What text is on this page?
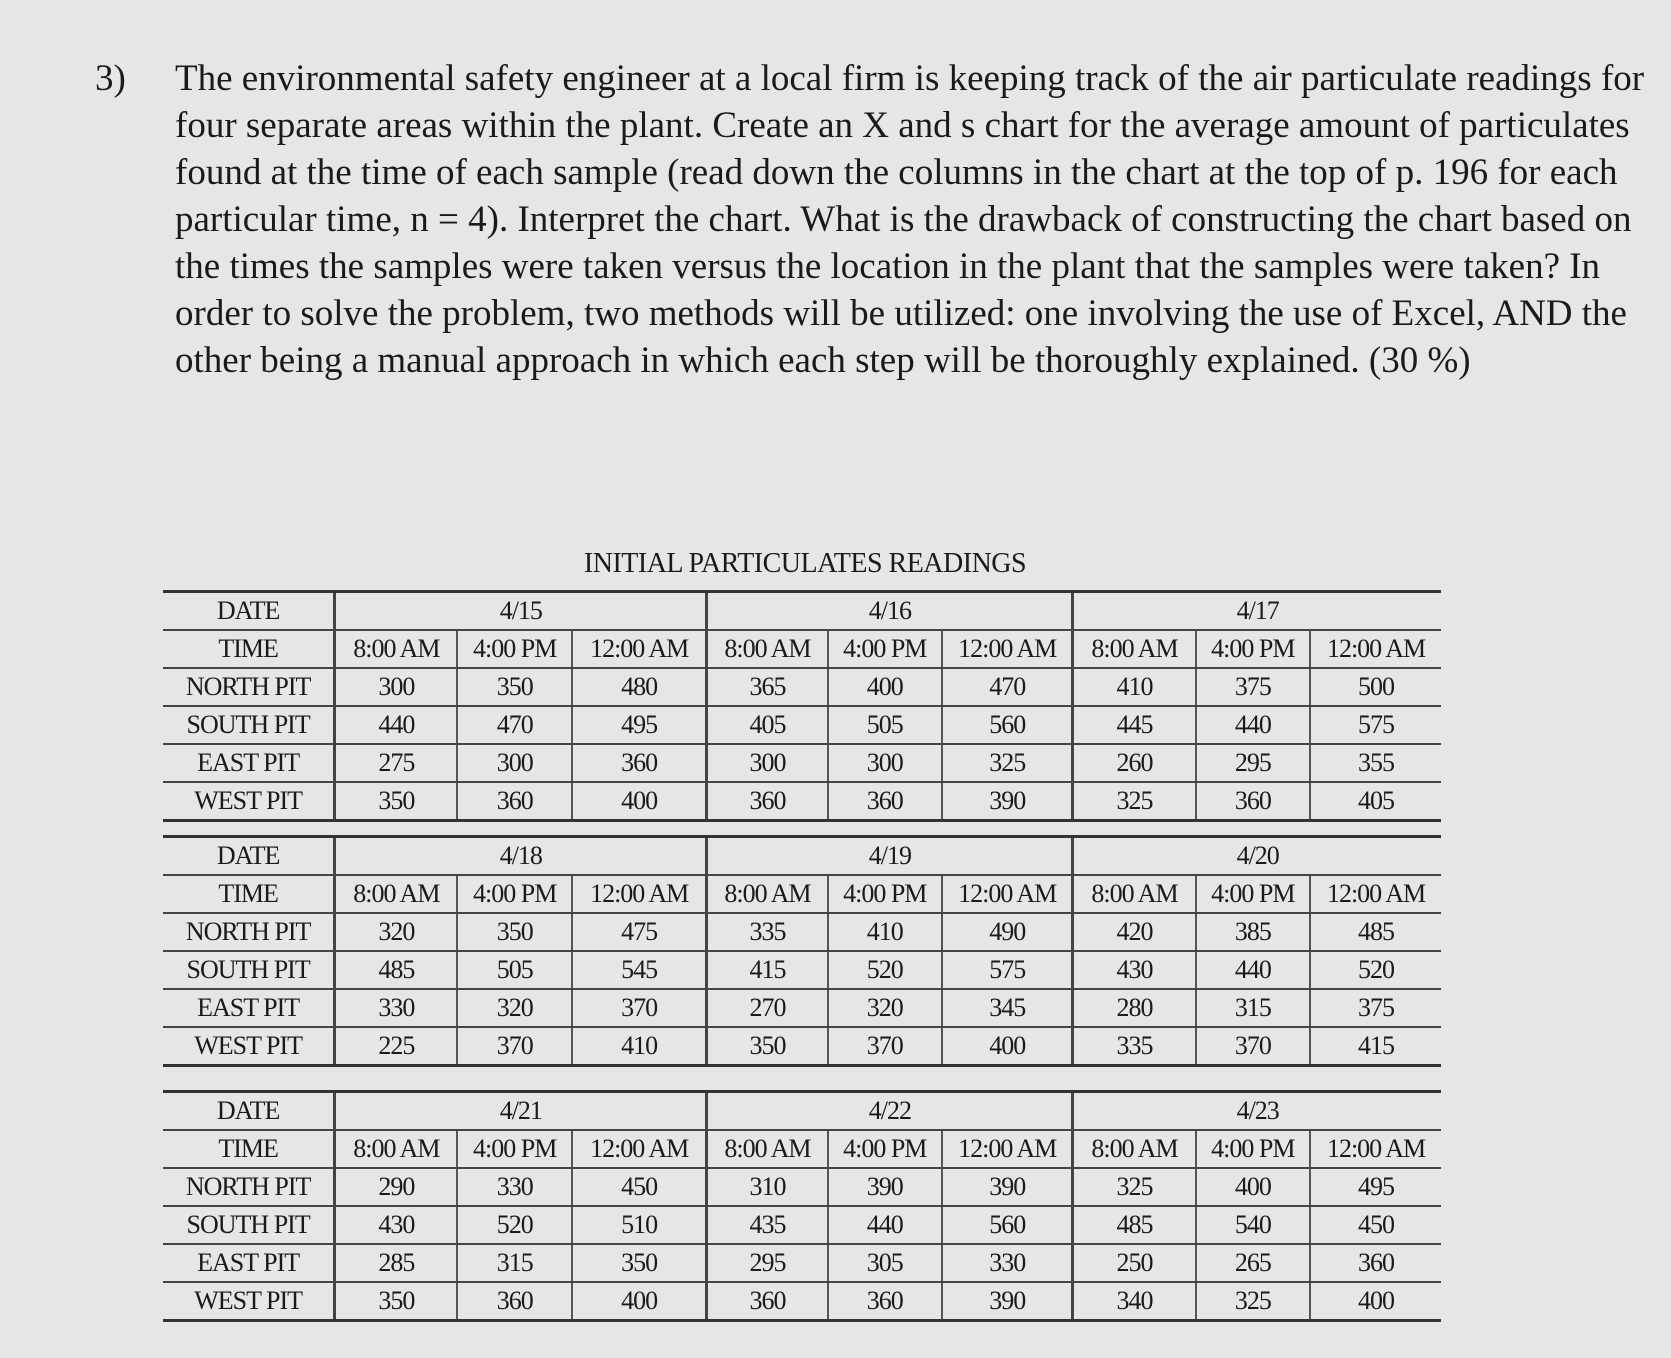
3)	The environmental safety engineer at a local firm is keeping track of the air particulate readings for four separate areas within the plant. Create an X and s chart for the average amount of particulates found at the time of each sample (read down the columns in the chart at the top of p. 196 for each particular time, n = 4). Interpret the chart. What is the drawback of constructing the chart based on the times the samples were taken versus the location in the plant that the samples were taken? In order to solve the problem, two methods will be utilized: one involving the use of Excel, AND the other being a manual approach in which each step will be thoroughly explained. (30 %)
INITIAL PARTICULATES READINGS
DATE	4/15			4/16			4/17		
TIME	8:00 AM	4:00 PM	12:00 AM	8:00 AM	4:00 PM	12:00 AM	8:00 AM	4:00 PM	12:00 AM
NORTH PIT	300	350	480	365	400	470	410	375	500
SOUTH PIT	440	470	495	405	505	560	445	440	575
EAST PIT	275	300	360	300	300	325	260	295	355
WEST PIT	350	360	400	360	360	390	325	360	405
DATE	4/18			4/19			4/20		
TIME	8:00 AM	4:00 PM	12:00 AM	8:00 AM	4:00 PM	12:00 AM	8:00 AM	4:00 PM	12:00 AM
NORTH PIT	320	350	475	335	410	490	420	385	485
SOUTH PIT	485	505	545	415	520	575	430	440	520
EAST PIT	330	320	370	270	320	345	280	315	375
WEST PIT	225	370	410	350	370	400	335	370	415
DATE	4/21			4/22			4/23		
TIME	8:00 AM	4:00 PM	12:00 AM	8:00 AM	4:00 PM	12:00 AM	8:00 AM	4:00 PM	12:00 AM
NORTH PIT	290	330	450	310	390	390	325	400	495
SOUTH PIT	430	520	510	435	440	560	485	540	450
EAST PIT	285	315	350	295	305	330	250	265	360
WEST PIT	350	360	400	360	360	390	340	325	400
